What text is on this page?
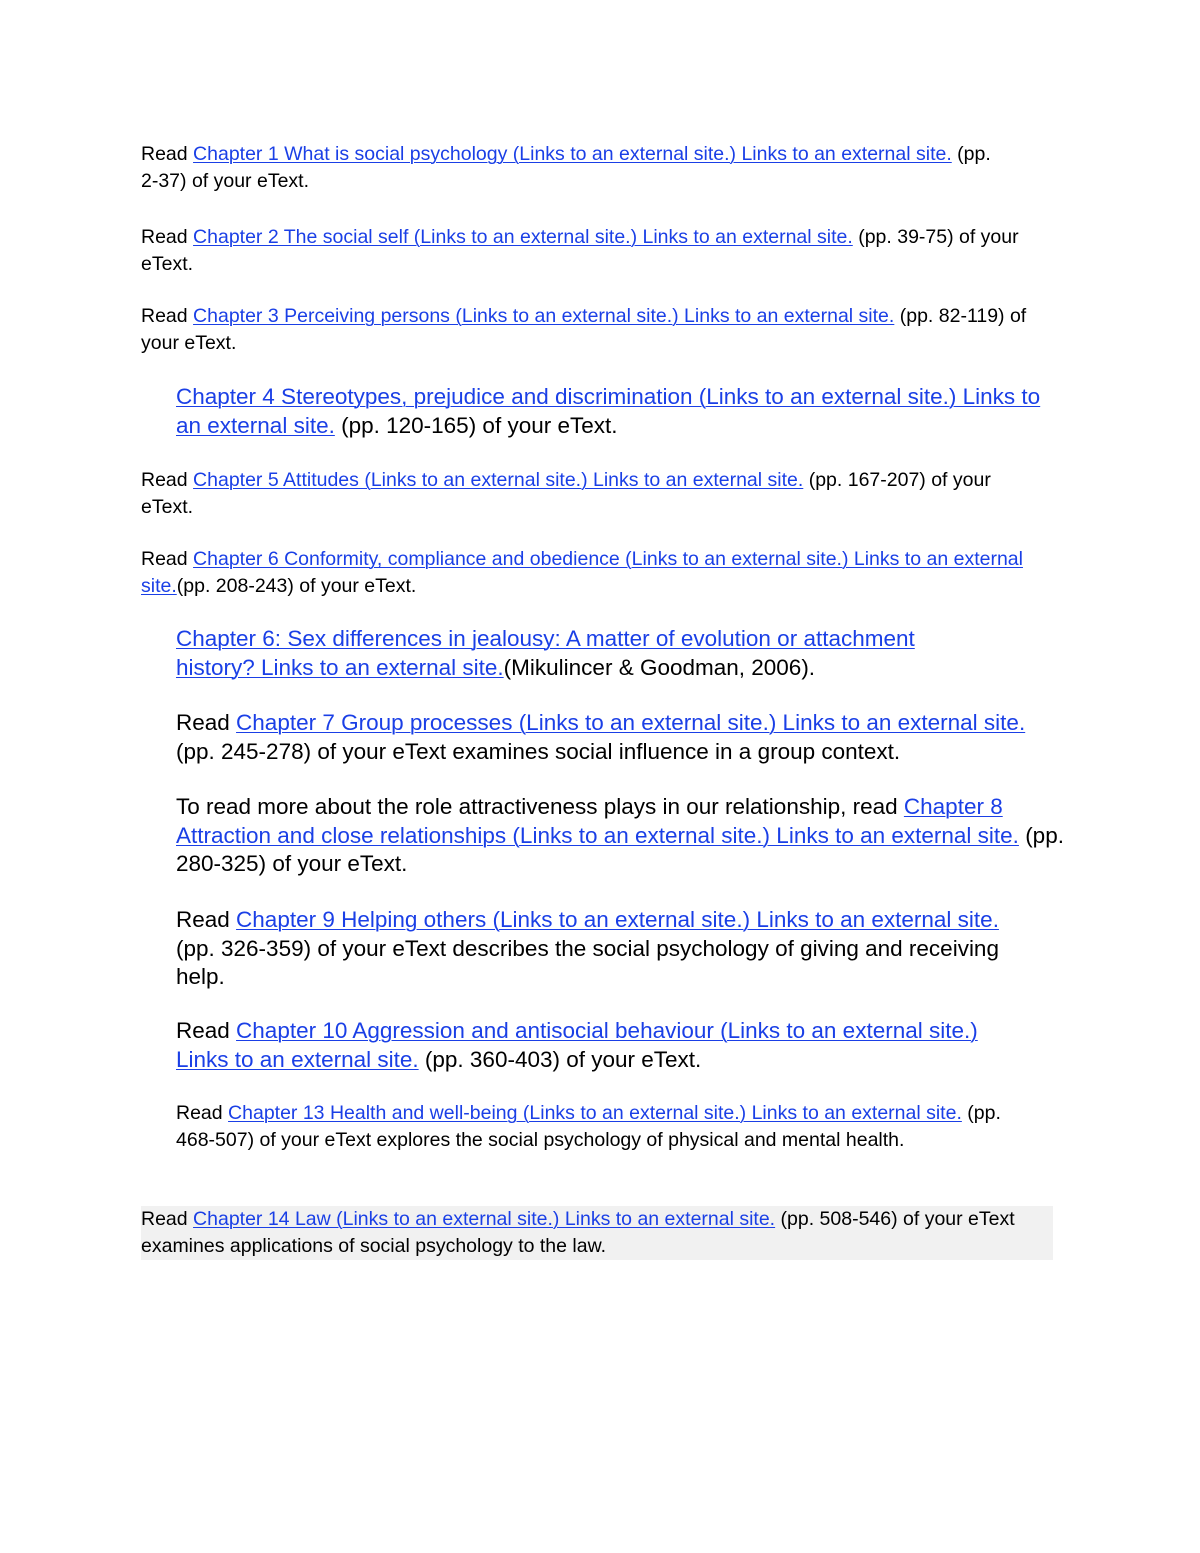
Read Chapter 1 What is social psychology (Links to an external site.) Links to an external site. (pp. 2-37) of your eText.

Read Chapter 2 The social self (Links to an external site.) Links to an external site. (pp. 39-75) of your eText.

Read Chapter 3 Perceiving persons (Links to an external site.) Links to an external site. (pp. 82-119) of your eText.

Chapter 4 Stereotypes, prejudice and discrimination (Links to an external site.) Links to an external site. (pp. 120-165) of your eText.

Read Chapter 5 Attitudes (Links to an external site.) Links to an external site. (pp. 167-207) of your eText.

Read Chapter 6 Conformity, compliance and obedience (Links to an external site.) Links to an external site.(pp. 208-243) of your eText.

Chapter 6: Sex differences in jealousy: A matter of evolution or attachment history? Links to an external site.(Mikulincer & Goodman, 2006).

Read Chapter 7 Group processes (Links to an external site.) Links to an external site. (pp. 245-278) of your eText examines social influence in a group context.

To read more about the role attractiveness plays in our relationship, read Chapter 8 Attraction and close relationships (Links to an external site.) Links to an external site. (pp. 280-325) of your eText.

Read Chapter 9 Helping others (Links to an external site.) Links to an external site. (pp. 326-359) of your eText describes the social psychology of giving and receiving help.

Read Chapter 10 Aggression and antisocial behaviour (Links to an external site.) Links to an external site. (pp. 360-403) of your eText.

Read Chapter 13 Health and well-being (Links to an external site.) Links to an external site. (pp. 468-507) of your eText explores the social psychology of physical and mental health.

Read Chapter 14 Law (Links to an external site.) Links to an external site. (pp. 508-546) of your eText examines applications of social psychology to the law.
